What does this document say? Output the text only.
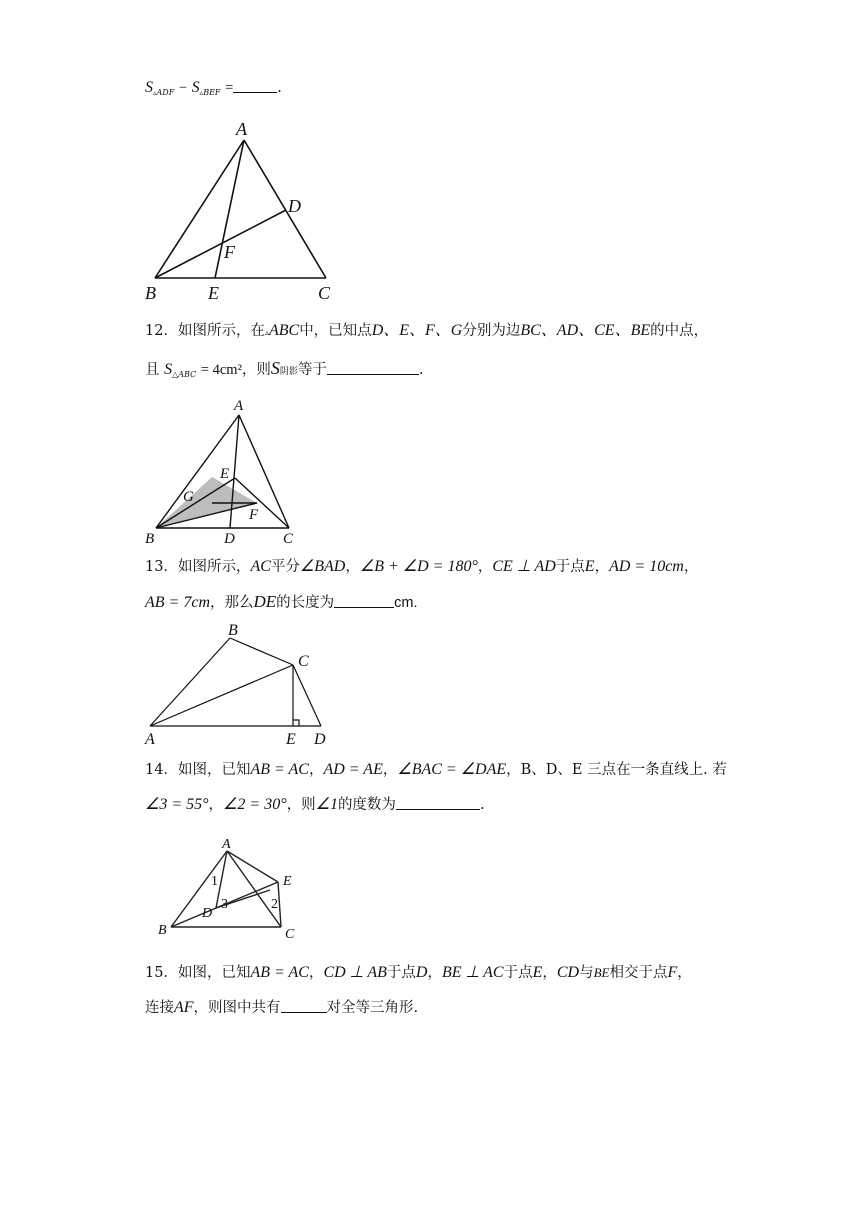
$S_{▵ADF} - S_{▵BEF}$ =	.
A
B	E	C
D
F
12．如图所示，在▵ABC中，已知点D、E、F、G分别为边BC、AD、CE、BE的中点，
且 $S_{\triangle ABC} = 4cm^2$，则S阴影等于	.
A
B	D	C
E
G
F
13．如图所示，AC平分∠BAD，∠B + ∠D = 180°，CE ⊥ AD于点E，AD = 10cm，
AB = 7cm，那么DE的长度为	cm.
B
C
A	E D
14．如图，已知AB = AC，AD = AE，∠BAC = ∠DAE，B、D、E 三点在一条直线上. 若
∠3 = 55°，∠2 = 30°，则∠1的度数为	.
A
B	C
D
E
1
2
3
15．如图，已知AB = AC，CD ⊥ AB于点D，BE ⊥ AC于点E，CD与BE相交于点F，
连接AF，则图中共有	对全等三角形.
